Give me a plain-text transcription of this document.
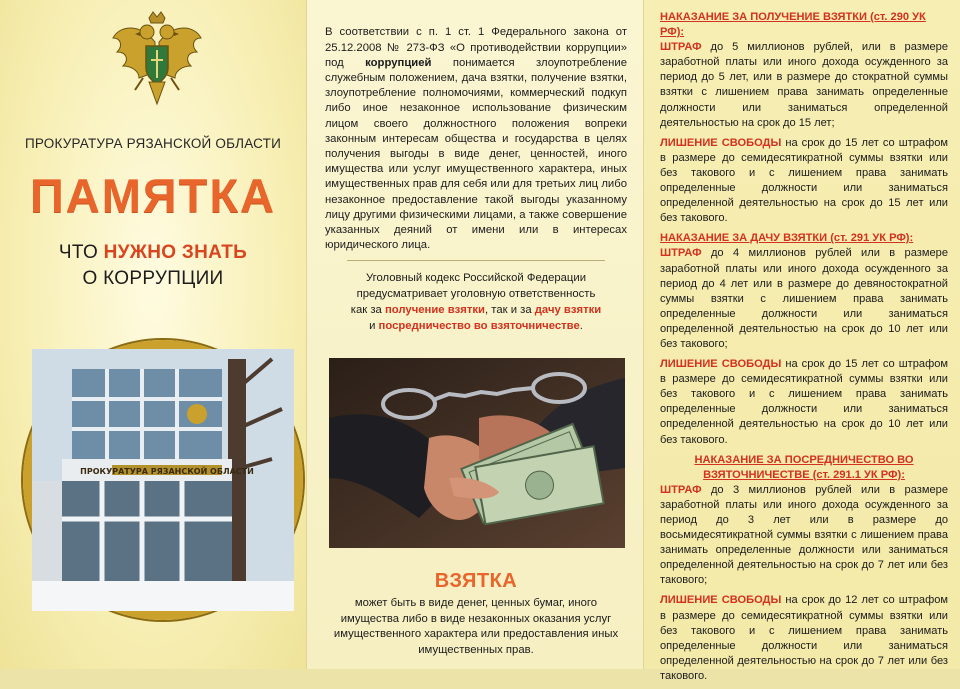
ПРОКУРАТУРА РЯЗАНСКОЙ ОБЛАСТИ
ПАМЯТКА
ЧТО НУЖНО ЗНАТЬ
О КОРРУПЦИИ
ПРОКУРАТУРА РЯЗАНСКОЙ ОБЛАСТИ

В соответствии с п. 1 ст. 1 Федерального закона от 25.12.2008 № 273-ФЗ «О противодействии коррупции» под коррупцией понимается злоупотребление служебным положением, дача взятки, получение взятки, злоупотребление полномочиями, коммерческий подкуп либо иное незаконное использование физическим лицом своего должностного положения вопреки законным интересам общества и государства в целях получения выгоды в виде денег, ценностей, иного имущества или услуг имущественного характера, иных имущественных прав для себя или для третьих лиц либо незаконное предоставление такой выгоды указанному лицу другими физическими лицами, а также совершение указанных деяний от имени или в интересах юридического лица.

Уголовный кодекс Российской Федерации
предусматривает уголовную ответственность
как за получение взятки, так и за дачу взятки
и посредничество во взяточничестве.
ВЗЯТКА
может быть в виде денег, ценных бумаг, иного имущества либо в виде незаконных оказания услуг имущественного характера или предоставления иных имущественных прав.
НАКАЗАНИЕ ЗА ПОЛУЧЕНИЕ ВЗЯТКИ (ст. 290 УК РФ):
ШТРАФ до 5 миллионов рублей, или в размере заработной платы или иного дохода осужденного за период до 5 лет, или в размере до стократной суммы взятки с лишением права занимать определенные должности или заниматься определенной деятельностью на срок до 15 лет;
ЛИШЕНИЕ СВОБОДЫ на срок до 15 лет со штрафом в размере до семидесятикратной суммы взятки или без такового и с лишением права занимать определенные должности или заниматься определенной деятельностью на срок до 15 лет или без такового.
НАКАЗАНИЕ ЗА ДАЧУ ВЗЯТКИ (ст. 291 УК РФ):
ШТРАФ до 4 миллионов рублей или в размере заработной платы или иного дохода осужденного за период до 4 лет или в размере до девяностократной суммы взятки с лишением права занимать определенные должности или заниматься определенной деятельностью на срок до 10 лет или без такового;
ЛИШЕНИЕ СВОБОДЫ на срок до 15 лет со штрафом в размере до семидесятикратной суммы взятки или без такового и с лишением права занимать определенные должности или заниматься определенной деятельностью на срок до 10 лет или без такового.
НАКАЗАНИЕ ЗА ПОСРЕДНИЧЕСТВО ВО ВЗЯТОЧНИЧЕСТВЕ (ст. 291.1 УК РФ):
ШТРАФ до 3 миллионов рублей или в размере заработной платы или иного дохода осужденного за период до 3 лет или в размере до восьмидесятикратной суммы взятки с лишением права занимать определенные должности или заниматься определенной деятельностью на срок до 7 лет или без такового;
ЛИШЕНИЕ СВОБОДЫ на срок до 12 лет со штрафом в размере до семидесятикратной суммы взятки или без такового и с лишением права занимать определенные должности или заниматься определенной деятельностью на срок до 7 лет или без такового.
